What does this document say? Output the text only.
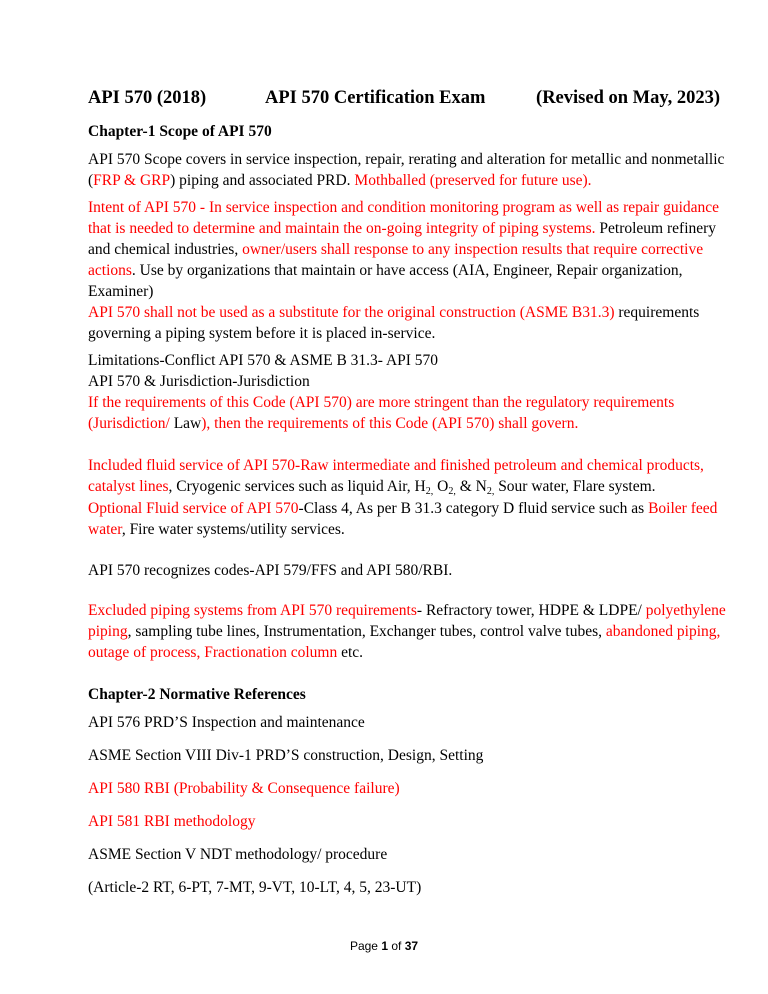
API 570 (2018)	API 570 Certification Exam	(Revised on May, 2023)

Chapter-1 Scope of API 570

API 570 Scope covers in service inspection, repair, rerating and alteration for metallic and nonmetallic (FRP & GRP) piping and associated PRD. Mothballed (preserved for future use).

Intent of API 570 - In service inspection and condition monitoring program as well as repair guidance that is needed to determine and maintain the on-going integrity of piping systems. Petroleum refinery and chemical industries, owner/users shall response to any inspection results that require corrective actions. Use by organizations that maintain or have access (AIA, Engineer, Repair organization, Examiner)

API 570 shall not be used as a substitute for the original construction (ASME B31.3) requirements governing a piping system before it is placed in-service.

Limitations-Conflict API 570 & ASME B 31.3- API 570
API 570 & Jurisdiction-Jurisdiction
If the requirements of this Code (API 570) are more stringent than the regulatory requirements (Jurisdiction/ Law), then the requirements of this Code (API 570) shall govern.

Included fluid service of API 570-Raw intermediate and finished petroleum and chemical products, catalyst lines, Cryogenic services such as liquid Air, $H_{2,}$ $O_{2,}$ & $N_{2,}$ Sour water, Flare system.

Optional Fluid service of API 570-Class 4, As per B 31.3 category D fluid service such as Boiler feed water, Fire water systems/utility services.

API 570 recognizes codes-API 579/FFS and API 580/RBI.

Excluded piping systems from API 570 requirements- Refractory tower, HDPE & LDPE/ polyethylene piping, sampling tube lines, Instrumentation, Exchanger tubes, control valve tubes, abandoned piping, outage of process, Fractionation column etc.

Chapter-2 Normative References

API 576 PRD’S Inspection and maintenance

ASME Section VIII Div-1 PRD’S construction, Design, Setting

API 580 RBI (Probability & Consequence failure)

API 581 RBI methodology

ASME Section V NDT methodology/ procedure

(Article-2 RT, 6-PT, 7-MT, 9-VT, 10-LT, 4, 5, 23-UT)

Page 1 of 37
